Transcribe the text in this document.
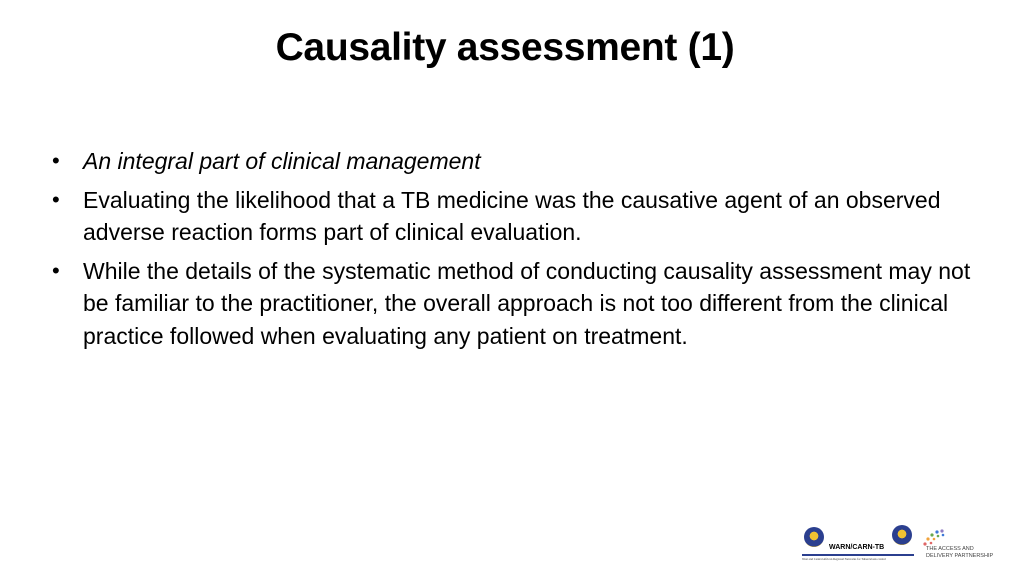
Causality assessment (1)
•	An integral part of clinical management
•	Evaluating the likelihood that a TB medicine was the causative agent of an observed adverse reaction forms part of clinical evaluation.
•	While the details of the systematic method of conducting causality assessment may not be familiar to the practitioner, the overall approach is not too different from the clinical practice followed when evaluating any patient on treatment.
WARN/CARN-TB
West and Central African Regional Networks for Tuberculosis control
THE ACCESS AND
DELIVERY PARTNERSHIP
